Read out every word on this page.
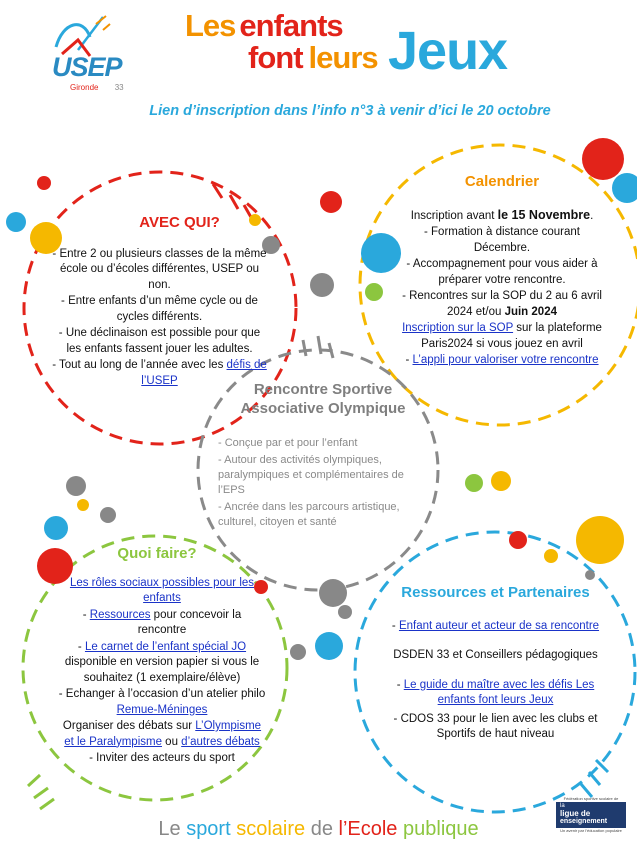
USEP
Gironde 33
Les enfants
font leurs Jeux
Lien d’inscription dans l’info n°3 à venir d’ici le 20 octobre
AVEC QUI?
- Entre 2 ou plusieurs classes de la même école ou d’écoles différentes, USEP ou non.
- Entre enfants d’un même cycle ou de cycles différents.
- Une déclinaison est possible pour que les enfants fassent jouer les adultes.
- Tout au long de l’année avec les défis de l’USEP
Calendrier
Inscription avant le 15 Novembre.
- Formation à distance courant Décembre.
- Accompagnement pour vous aider à préparer votre rencontre.
- Rencontres sur la SOP du 2 au 6 avril 2024 et/ou Juin 2024
Inscription sur la SOP sur la plateforme Paris2024 si vous jouez en avril
- L’appli pour valoriser votre rencontre
Rencontre Sportive
Associative Olympique
- Conçue par et pour l’enfant
- Autour des activités olympiques, paralympiques et complémentaires de l’EPS
- Ancrée dans les parcours artistique, culturel, citoyen et santé
Quoi faire?
Les rôles sociaux possibles pour les enfants
- Ressources pour concevoir la rencontre
- Le carnet de l’enfant spécial JO disponible en version papier si vous le souhaitez (1 exemplaire/élève)
- Echanger à l’occasion d’un atelier philo Remue-Méninges
Organiser des débats sur L’Olympisme et le Paralympisme ou d’autres débats
- Inviter des acteurs du sport
Ressources et Partenaires
- Enfant auteur et acteur de sa rencontre
DSDEN 33 et Conseillers pédagogiques
- Le guide du maître avec les défis Les enfants font leurs Jeux
- CDOS 33 pour le lien avec les clubs et Sportifs de haut niveau
Fédération sportive scolaire de
la
ligue de
enseignement
Un avenir par l’éducation populaire
Le sport scolaire de l’Ecole publique
